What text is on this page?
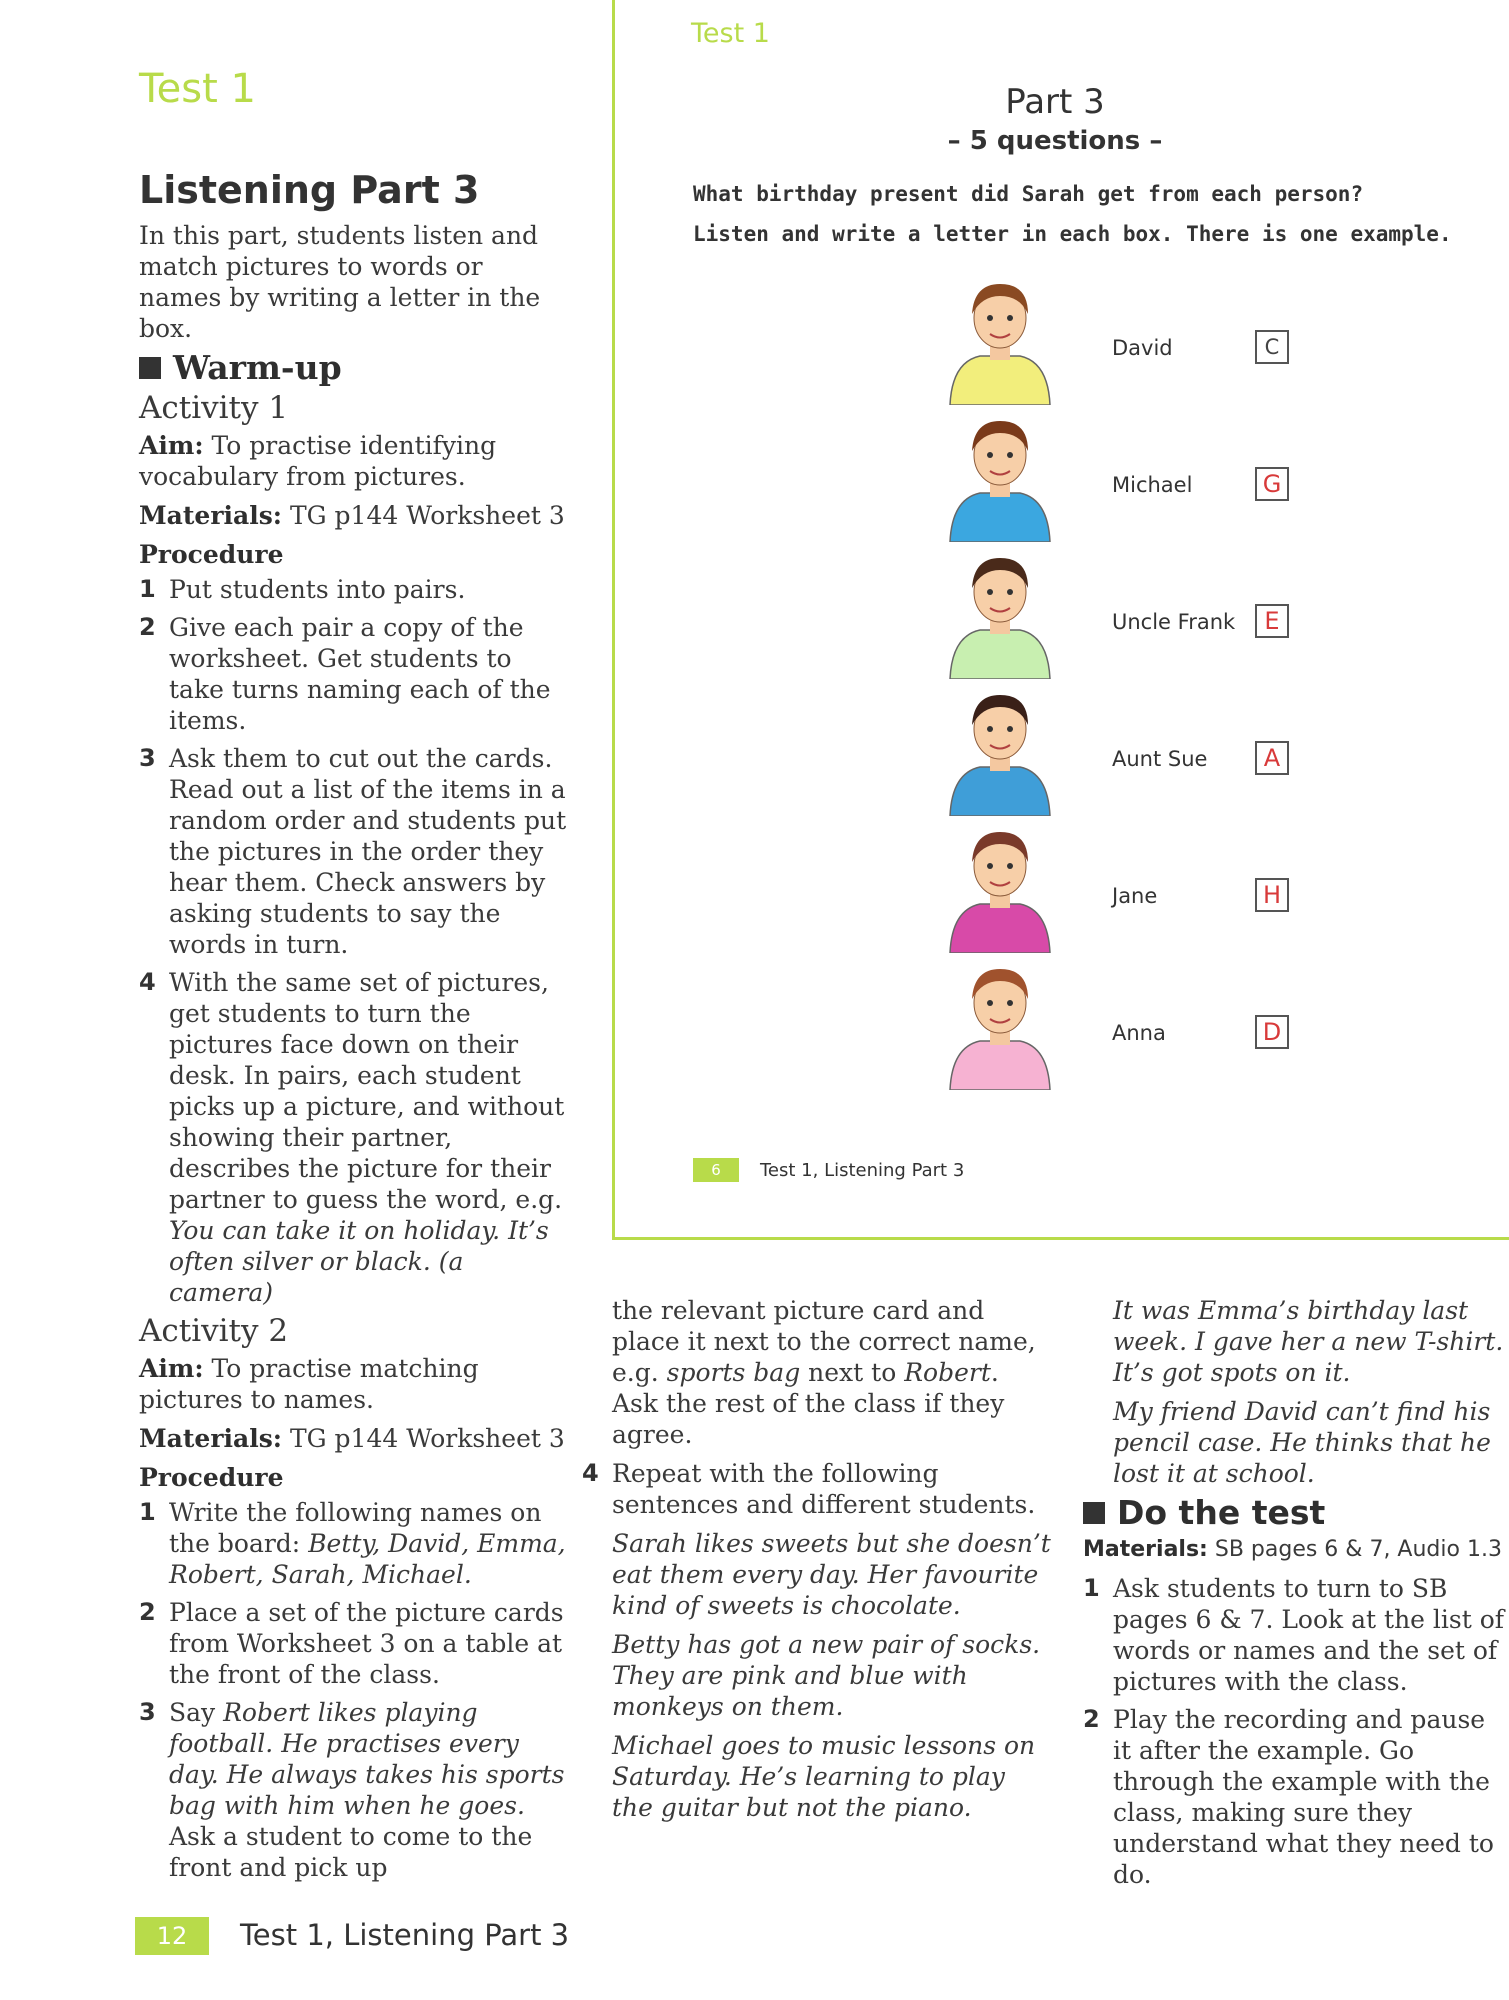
Test 1
Listening Part 3
In this part, students listen and match pictures to words or names by writing a letter in the box.
Warm-up
Activity 1
Aim: To practise identifying vocabulary from pictures.
Materials: TG p144 Worksheet 3
Procedure
1 Put students into pairs.
2 Give each pair a copy of the worksheet. Get students to take turns naming each of the items.
3 Ask them to cut out the cards. Read out a list of the items in a random order and students put the pictures in the order they hear them. Check answers by asking students to say the words in turn.
4 With the same set of pictures, get students to turn the pictures face down on their desk. In pairs, each student picks up a picture, and without showing their partner, describes the picture for their partner to guess the word, e.g. You can take it on holiday. It’s often silver or black. (a camera)
Activity 2
Aim: To practise matching pictures to names.
Materials: TG p144 Worksheet 3
Procedure
1 Write the following names on the board: Betty, David, Emma, Robert, Sarah, Michael.
2 Place a set of the picture cards from Worksheet 3 on a table at the front of the class.
3 Say Robert likes playing football. He practises every day. He always takes his sports bag with him when he goes. Ask a student to come to the front and pick up
12	Test 1, Listening Part 3
Test 1
Part 3
– 5 questions –
What birthday present did Sarah get from each person?
Listen and write a letter in each box. There is one example.
David	C
Michael	G
Uncle Frank	E
Aunt Sue	A
Jane	H
Anna	D
6	Test 1, Listening Part 3
the relevant picture card and place it next to the correct name, e.g. sports bag next to Robert. Ask the rest of the class if they agree.
4 Repeat with the following sentences and different students.
Sarah likes sweets but she doesn’t eat them every day. Her favourite kind of sweets is chocolate.
Betty has got a new pair of socks. They are pink and blue with monkeys on them.
Michael goes to music lessons on Saturday. He’s learning to play the guitar but not the piano.
It was Emma’s birthday last week. I gave her a new T-shirt. It’s got spots on it.
My friend David can’t find his pencil case. He thinks that he lost it at school.
Do the test
Materials: SB pages 6 & 7, Audio 1.3
1 Ask students to turn to SB pages 6 & 7. Look at the list of words or names and the set of pictures with the class.
2 Play the recording and pause it after the example. Go through the example with the class, making sure they understand what they need to do.
